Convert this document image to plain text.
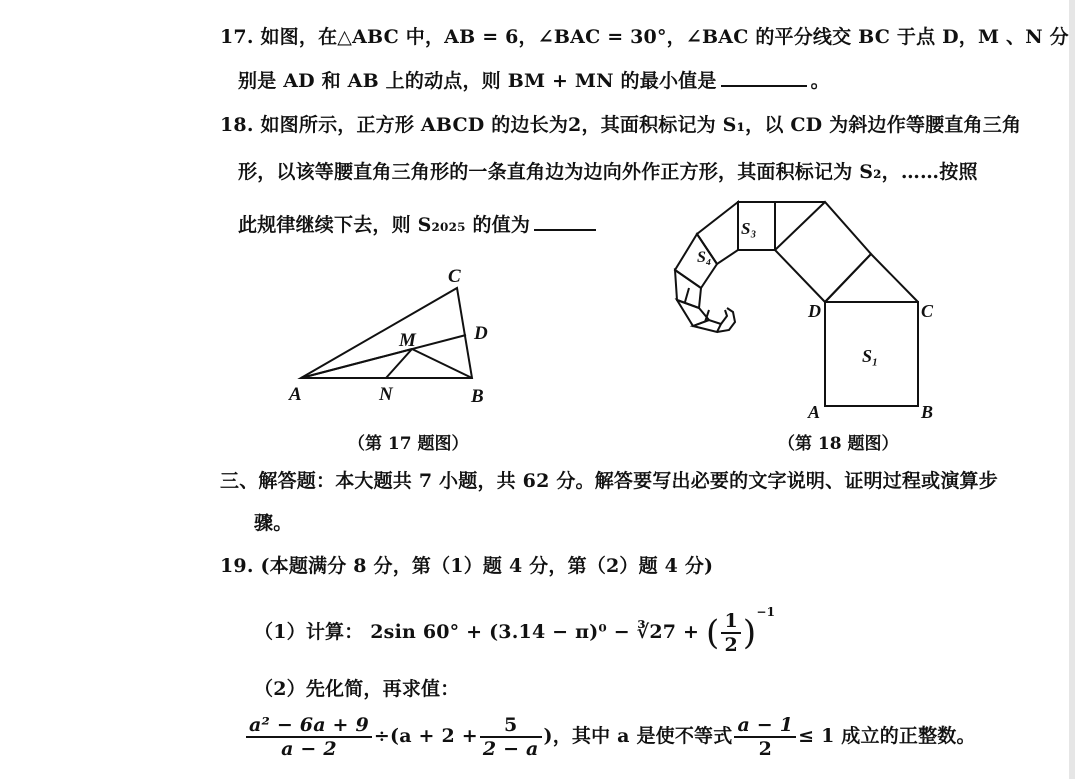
17. 如图，在△ABC 中，AB = 6，∠BAC = 30°，∠BAC 的平分线交 BC 于点 D，M 、N 分
别是 AD 和 AB 上的动点，则 BM + MN 的最小值是	。
18. 如图所示，正方形 ABCD 的边长为2，其面积标记为 S₁，以 CD 为斜边作等腰直角三角
形，以该等腰直角三角形的一条直角边为边向外作正方形，其面积标记为 S₂，……按照
此规律继续下去，则 S₂₀₂₅ 的值为
A	B
C
D
M
N
（第 17 题图）
S₁
S₃
S₄
D	C
A	B
（第 18 题图）
三、解答题：本大题共 7 小题，共 62 分。解答要写出必要的文字说明、证明过程或演算步
骤。
19. (本题满分 8 分，第（1）题 4 分，第（2）题 4 分)
（1）计算： 2sin 60° + (3.14 − π)⁰ − ∛27 + ( $\frac{1}{2} )^{-1}$
（2）先化简，再求值：
$\frac{\text{a² − 6a + 9}}{a - 2} \div(a + 2 + \frac{5}{2 - a}$ )，其中 a 是使不等式 $\frac{a - 1}{2} \le 1$ 成立的正整数。
